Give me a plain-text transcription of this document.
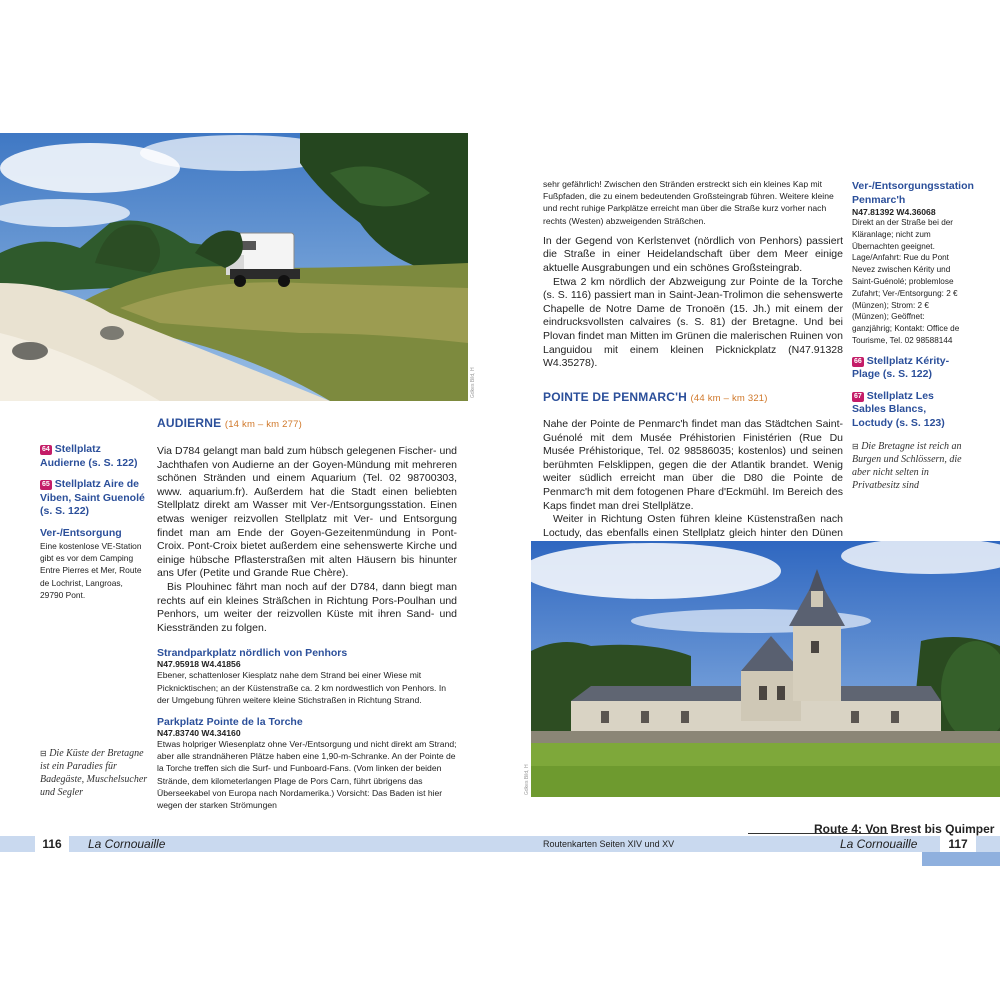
Gdkes Bild, H
AUDIERNE (14 km – km 277)

64 Stellplatz Audierne (s. S. 122)

65 Stellplatz Aire de Viben, Saint Guenolé (s. S. 122)

Ver-/Entsorgung

Eine kostenlose VE-Station gibt es vor dem Camping Entre Pierres et Mer, Route de Lochrist, Langroas, 29790 Pont.

⊟ Die Küste der Bretagne ist ein Paradies für Badegäste, Muschelsucher und Segler

Via D784 gelangt man bald zum hübsch gelegenen Fischer- und Jachthafen von Audierne an der Goyen-Mündung mit mehreren schönen Stränden und einem Aquarium (Tel. 02 98700303, www. aquarium.fr). Außerdem hat die Stadt einen beliebten Stellplatz direkt am Wasser mit Ver-/Entsorgungsstation. Einen etwas weniger reizvollen Stellplatz mit Ver- und Entsorgung findet man am Ende der Goyen-Gezeitenmündung in Pont-Croix. Pont-Croix bietet außerdem eine sehenswerte Kirche und einige hübsche Pflasterstraßen mit alten Häusern bis hinunter ans Ufer (Petite und Grande Rue Chère).

Bis Plouhinec fährt man noch auf der D784, dann biegt man rechts auf ein kleines Sträßchen in Richtung Pors-Poulhan und Penhors, um weiter der reizvollen Küste mit ihren Sand- und Kiesstränden zu folgen.

Strandparkplatz nördlich von Penhors

N47.95918 W4.41856

Ebener, schattenloser Kiesplatz nahe dem Strand bei einer Wiese mit Picknicktischen; an der Küstenstraße ca. 2 km nordwestlich von Penhors. In der Umgebung führen weitere kleine Stichstraßen in Richtung Strand.

Parkplatz Pointe de la Torche

N47.83740 W4.34160

Etwas holpriger Wiesenplatz ohne Ver-/Entsorgung und nicht direkt am Strand; aber alle strandnäheren Plätze haben eine 1,90-m-Schranke. An der Pointe de la Torche treffen sich die Surf- und Funboard-Fans. (Vom linken der beiden Strände, dem kilometerlangen Plage de Pors Carn, führt übrigens das Überseekabel von Europa nach Nordamerika.) Vorsicht: Das Baden ist hier wegen der starken Strömungen

116	La Cornouaille

sehr gefährlich! Zwischen den Stränden erstreckt sich ein kleines Kap mit Fußpfaden, die zu einem bedeutenden Großsteingrab führen. Weitere kleine und recht ruhige Parkplätze erreicht man über die Straße kurz vorher nach rechts (Westen) abzweigenden Sträßchen.

In der Gegend von Kerlstenvet (nördlich von Penhors) passiert die Straße in einer Heidelandschaft über dem Meer einige aktuelle Ausgrabungen und ein schönes Großsteingrab.

Etwa 2 km nördlich der Abzweigung zur Pointe de la Torche (s. S. 116) passiert man in Saint-Jean-Trolimon die sehenswerte Chapelle de Notre Dame de Tronoën (15. Jh.) mit einem der eindrucksvollsten calvaires (s. S. 81) der Bretagne. Und bei Plovan findet man Mitten im Grünen die malerischen Ruinen von Languidou mit einem kleinen Picknickplatz (N47.91328 W4.35278).

POINTE DE PENMARC'H (44 km – km 321)

Nahe der Pointe de Penmarc'h findet man das Städtchen Saint-Guénolé mit dem Musée Préhistorien Finistérien (Rue Du Musée Préhistorique, Tel. 02 98586035; kostenlos) und seinen berühmten Felsklippen, gegen die der Atlantik brandet. Wenig weiter südlich erreicht man über die D80 die Pointe de Penmarc'h mit dem fotogenen Phare d'Eckmühl. Im Bereich des Kaps findet man drei Stellplätze.

Weiter in Richtung Osten führen kleine Küstenstraßen nach Loctudy, das ebenfalls einen Stellplatz gleich hinter den Dünen

Ver-/Entsorgungsstation Penmarc'h

N47.81392 W4.36068

Direkt an der Straße bei der Kläranlage; nicht zum Übernachten geeignet. Lage/Anfahrt: Rue du Pont Nevez zwischen Kérity und Saint-Guénolé; problemlose Zufahrt; Ver-/Entsorgung: 2 € (Münzen); Strom: 2 € (Münzen); Geöffnet: ganzjährig; Kontakt: Office de Tourisme, Tel. 02 98588144

66 Stellplatz Kérity-Plage (s. S. 122)

67 Stellplatz Les Sables Blancs, Loctudy (s. S. 123)

⊟ Die Bretagne ist reich an Burgen und Schlössern, die aber nicht selten in Privatbesitz sind

Gdkes Bild, H
Route 4: Von Brest bis Quimper
Routenkarten Seiten XIV und XV	La Cornouaille	117
